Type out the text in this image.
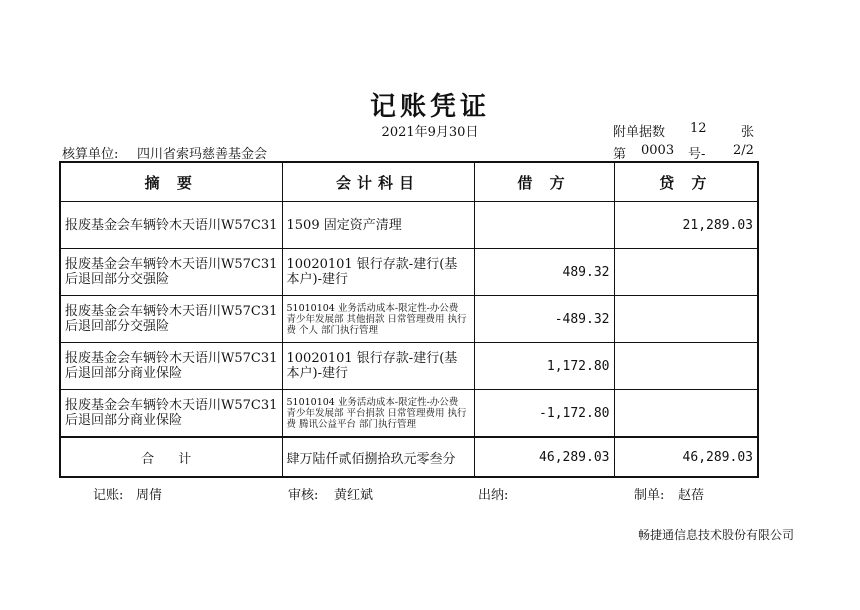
记账凭证
2021年9月30日	附单据数 12	张
核算单位: 四川省索玛慈善基金会	第 0003 号- 2/2
摘 要	会计科目	借 方	贷 方
报废基金会车辆铃木天语川W57C31	1509 固定资产清理		21,289.03
报废基金会车辆铃木天语川W57C31后退回部分交强险	10020101 银行存款-建行(基本户)-建行	489.32	
报废基金会车辆铃木天语川W57C31后退回部分交强险	51010104 业务活动成本-限定性-办公费 青少年发展部 其他捐款 日常管理费用 执行费 个人 部门执行管理	-489.32	
报废基金会车辆铃木天语川W57C31后退回部分商业保险	10020101 银行存款-建行(基本户)-建行	1,172.80	
报废基金会车辆铃木天语川W57C31后退回部分商业保险	51010104 业务活动成本-限定性-办公费 青少年发展部 平台捐款 日常管理费用 执行费 腾讯公益平台 部门执行管理	-1,172.80	
合 计	肆万陆仟贰佰捌拾玖元零叁分	46,289.03	46,289.03
记账: 周倩	审核: 黄红斌	出纳:	制单: 赵蓓
畅捷通信息技术股份有限公司
